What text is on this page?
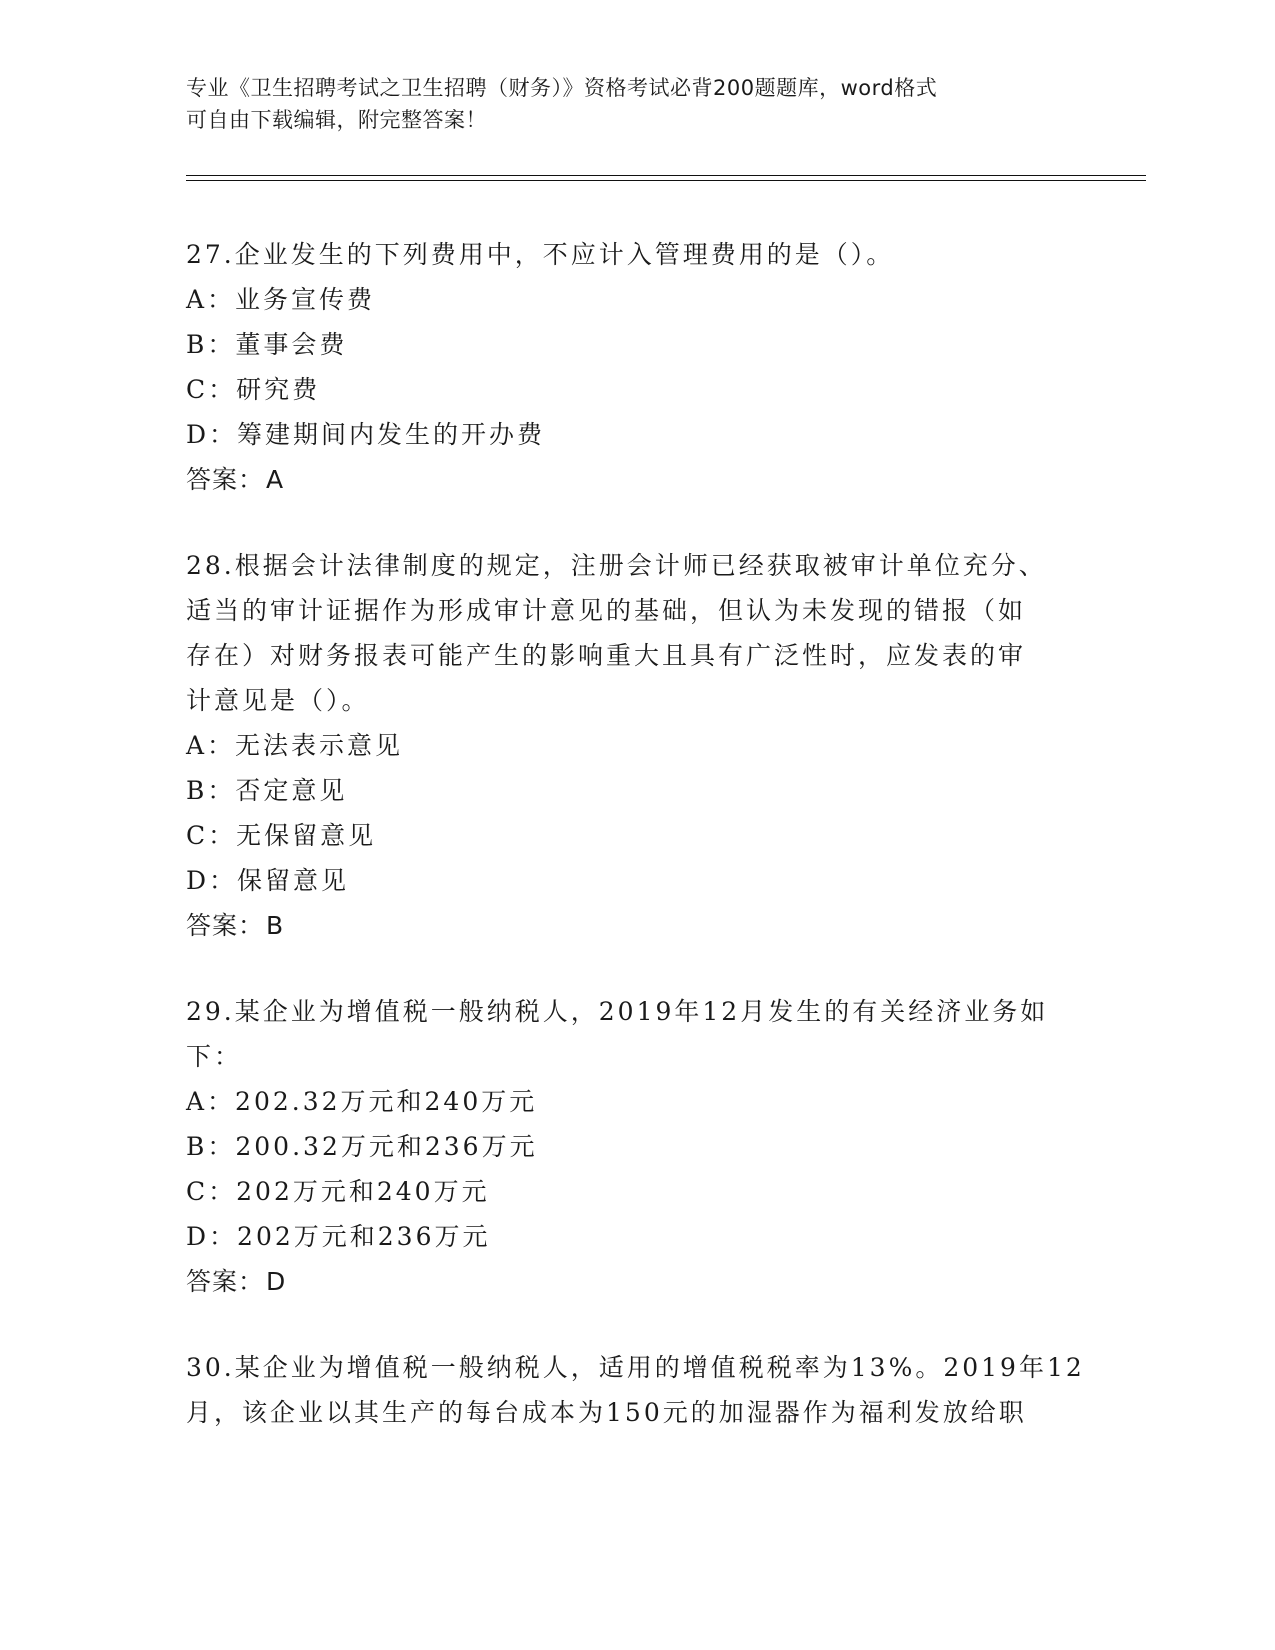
专业《卫生招聘考试之卫生招聘（财务）》资格考试必背200题题库，word格式
可自由下载编辑，附完整答案！
27.企业发生的下列费用中，不应计入管理费用的是（）。
A：业务宣传费
B：董事会费
C：研究费
D：筹建期间内发生的开办费
答案：A
28.根据会计法律制度的规定，注册会计师已经获取被审计单位充分、
适当的审计证据作为形成审计意见的基础，但认为未发现的错报（如
存在）对财务报表可能产生的影响重大且具有广泛性时，应发表的审
计意见是（）。
A：无法表示意见
B：否定意见
C：无保留意见
D：保留意见
答案：B
29.某企业为增值税一般纳税人，2019年12月发生的有关经济业务如
下：
A：202.32万元和240万元
B：200.32万元和236万元
C：202万元和240万元
D：202万元和236万元
答案：D
30.某企业为增值税一般纳税人，适用的增值税税率为13%。2019年12
月，该企业以其生产的每台成本为150元的加湿器作为福利发放给职
